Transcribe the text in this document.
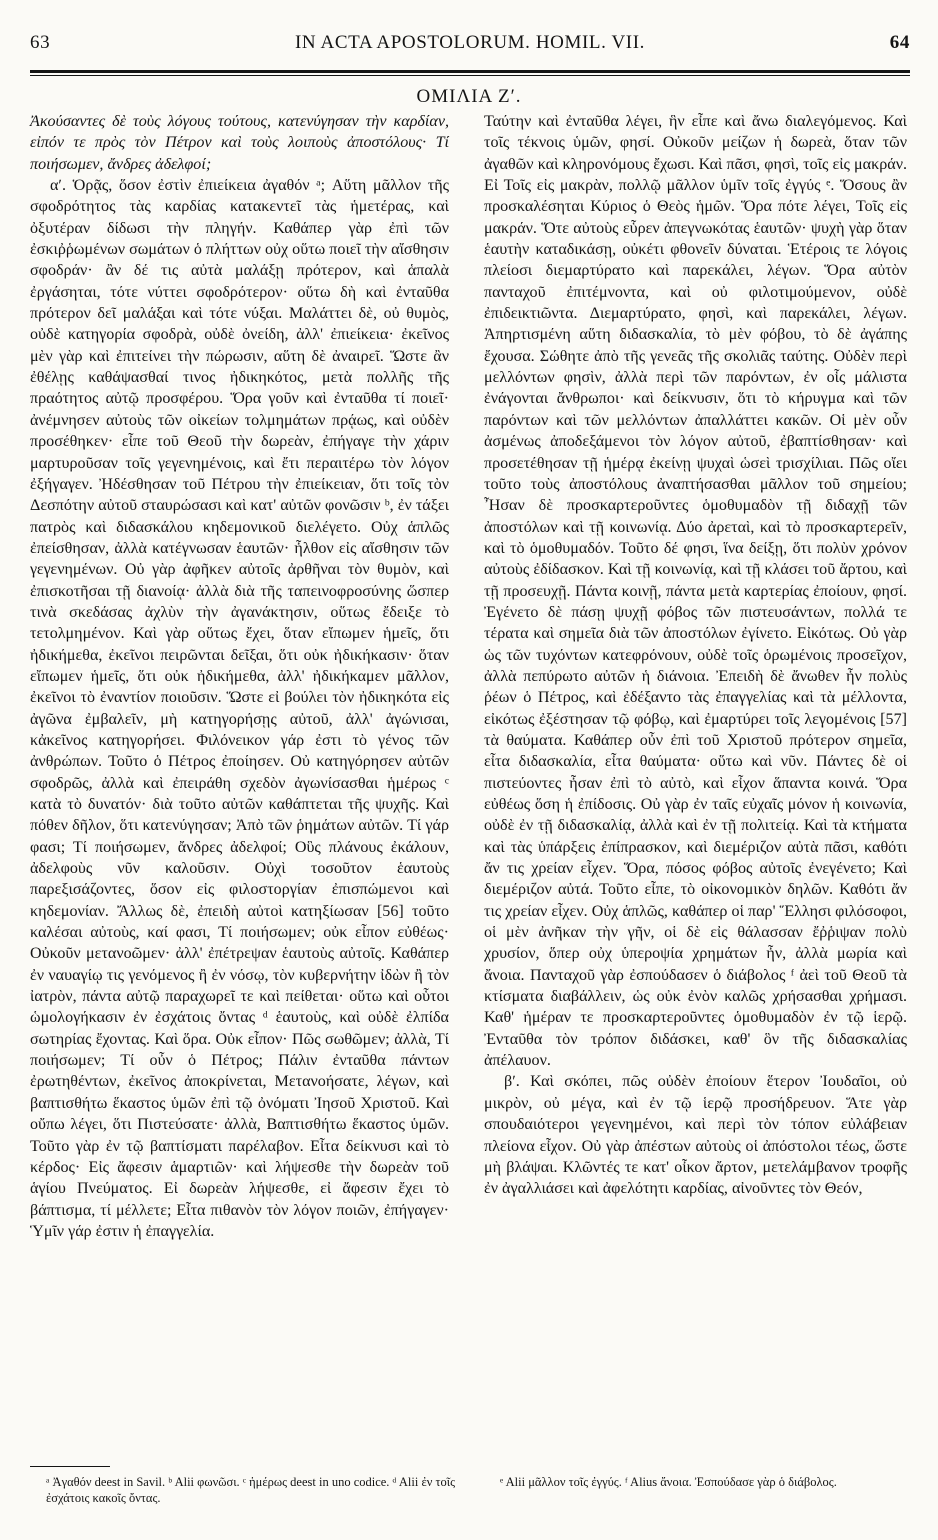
63	IN ACTA APOSTOLORUM. HOMIL. VII.	64
ΟΜΙΛΙΑ Ζʹ.

Ἀκούσαντες δὲ τοὺς λόγους τούτους, κατενύγησαν τὴν καρδίαν, εἰπόν τε πρὸς τὸν Πέτρον καὶ τοὺς λοιποὺς ἀποστόλους· Τί ποιήσωμεν, ἄνδρες ἀδελφοί;

αʹ. Ὁρᾷς, ὅσον ἐστὶν ἐπιείκεια ἀγαθόν ᵃ; Αὕτη μᾶλλον τῆς σφοδρότητος τὰς καρδίας κατακεντεῖ τὰς ἡμετέρας, καὶ ὀξυτέραν δίδωσι τὴν πληγήν. Καθάπερ γὰρ ἐπὶ τῶν ἐσκιῤῥωμένων σωμάτων ὁ πλήττων οὐχ οὕτω ποιεῖ τὴν αἴσθησιν σφοδράν· ἂν δέ τις αὐτὰ μαλάξῃ πρότερον, καὶ ἁπαλὰ ἐργάσηται, τότε νύττει σφοδρότερον· οὕτω δὴ καὶ ἐνταῦθα πρότερον δεῖ μαλάξαι καὶ τότε νύξαι. Μαλάττει δὲ, οὐ θυμὸς, οὐδὲ κατηγορία σφοδρὰ, οὐδὲ ὀνείδη, ἀλλ' ἐπιείκεια· ἐκεῖνος μὲν γὰρ καὶ ἐπιτείνει τὴν πώρωσιν, αὕτη δὲ ἀναιρεῖ. Ὥστε ἂν ἐθέλῃς καθάψασθαί τινος ἠδικηκότος, μετὰ πολλῆς τῆς πραότητος αὐτῷ προσφέρου. Ὅρα γοῦν καὶ ἐνταῦθα τί ποιεῖ· ἀνέμνησεν αὐτοὺς τῶν οἰκείων τολμημάτων πρᾴως, καὶ οὐδὲν προσέθηκεν· εἶπε τοῦ Θεοῦ τὴν δωρεὰν, ἐπήγαγε τὴν χάριν μαρτυροῦσαν τοῖς γεγενημένοις, καὶ ἔτι περαιτέρω τὸν λόγον ἐξήγαγεν. Ἠδέσθησαν τοῦ Πέτρου τὴν ἐπιείκειαν, ὅτι τοῖς τὸν Δεσπότην αὐτοῦ σταυρώσασι καὶ κατ' αὐτῶν φονῶσιν ᵇ, ἐν τάξει πατρὸς καὶ διδασκάλου κηδεμονικοῦ διελέγετο. Οὐχ ἁπλῶς ἐπείσθησαν, ἀλλὰ κατέγνωσαν ἑαυτῶν· ἦλθον εἰς αἴσθησιν τῶν γεγενημένων. Οὐ γὰρ ἀφῆκεν αὐτοῖς ἀρθῆναι τὸν θυμὸν, καὶ ἐπισκοτῆσαι τῇ διανοίᾳ· ἀλλὰ διὰ τῆς ταπεινοφροσύνης ὥσπερ τινὰ σκεδάσας ἀχλὺν τὴν ἀγανάκτησιν, οὕτως ἔδειξε τὸ τετολμημένον. Καὶ γὰρ οὕτως ἔχει, ὅταν εἴπωμεν ἡμεῖς, ὅτι ἠδικήμεθα, ἐκεῖνοι πειρῶνται δεῖξαι, ὅτι οὐκ ἠδικήκασιν· ὅταν εἴπωμεν ἡμεῖς, ὅτι οὐκ ἠδικήμεθα, ἀλλ' ἠδικήκαμεν μᾶλλον, ἐκεῖνοι τὸ ἐναντίον ποιοῦσιν. Ὥστε εἰ βούλει τὸν ἠδικηκότα εἰς ἀγῶνα ἐμβαλεῖν, μὴ κατηγορήσῃς αὐτοῦ, ἀλλ' ἀγώνισαι, κἀκεῖνος κατηγορήσει. Φιλόνεικον γάρ ἐστι τὸ γένος τῶν ἀνθρώπων. Τοῦτο ὁ Πέτρος ἐποίησεν. Οὐ κατηγόρησεν αὐτῶν σφοδρῶς, ἀλλὰ καὶ ἐπειράθη σχεδὸν ἀγωνίσασθαι ἡμέρως ᶜ κατὰ τὸ δυνατόν· διὰ τοῦτο αὐτῶν καθάπτεται τῆς ψυχῆς. Καὶ πόθεν δῆλον, ὅτι κατενύγησαν; Ἀπὸ τῶν ῥημάτων αὐτῶν. Τί γάρ φασι; Τί ποιήσωμεν, ἄνδρες ἀδελφοί; Οὓς πλάνους ἐκάλουν, ἀδελφοὺς νῦν καλοῦσιν. Οὐχὶ τοσοῦτον ἑαυτοὺς παρεξισάζοντες, ὅσον εἰς φιλοστοργίαν ἐπισπώμενοι καὶ κηδεμονίαν. Ἄλλως δὲ, ἐπειδὴ αὐτοὶ κατηξίωσαν [56] τοῦτο καλέσαι αὐτοὺς, καί φασι, Τί ποιήσωμεν; οὐκ εἶπον εὐθέως· Οὐκοῦν μετανοῶμεν· ἀλλ' ἐπέτρεψαν ἑαυτοὺς αὐτοῖς. Καθάπερ ἐν ναυαγίῳ τις γενόμενος ἢ ἐν νόσῳ, τὸν κυβερνήτην ἰδὼν ἢ τὸν ἰατρὸν, πάντα αὐτῷ παραχωρεῖ τε καὶ πείθεται· οὕτω καὶ οὗτοι ὡμολογήκασιν ἐν ἐσχάτοις ὄντας ᵈ ἑαυτοὺς, καὶ οὐδὲ ἐλπίδα σωτηρίας ἔχοντας. Καὶ ὅρα. Οὐκ εἶπον· Πῶς σωθῶμεν; ἀλλὰ, Τί ποιήσωμεν; Τί οὖν ὁ Πέτρος; Πάλιν ἐνταῦθα πάντων ἐρωτηθέντων, ἐκεῖνος ἀποκρίνεται, Μετανοήσατε, λέγων, καὶ βαπτισθήτω ἕκαστος ὑμῶν ἐπὶ τῷ ὀνόματι Ἰησοῦ Χριστοῦ. Καὶ οὔπω λέγει, ὅτι Πιστεύσατε· ἀλλὰ, Βαπτισθήτω ἕκαστος ὑμῶν. Τοῦτο γὰρ ἐν τῷ βαπτίσματι παρέλαβον. Εἶτα δείκνυσι καὶ τὸ κέρδος· Εἰς ἄφεσιν ἁμαρτιῶν· καὶ λήψεσθε τὴν δωρεὰν τοῦ ἁγίου Πνεύματος. Εἰ δωρεὰν λήψεσθε, εἰ ἄφεσιν ἔχει τὸ βάπτισμα, τί μέλλετε; Εἶτα πιθανὸν τὸν λόγον ποιῶν, ἐπήγαγεν· Ὑμῖν γάρ ἐστιν ἡ ἐπαγγελία.

Ταύτην καὶ ἐνταῦθα λέγει, ἣν εἶπε καὶ ἄνω διαλεγόμενος. Καὶ τοῖς τέκνοις ὑμῶν, φησί. Οὐκοῦν μείζων ἡ δωρεὰ, ὅταν τῶν ἀγαθῶν καὶ κληρονόμους ἔχωσι. Καὶ πᾶσι, φησὶ, τοῖς εἰς μακράν. Εἰ Τοῖς εἰς μακρὰν, πολλῷ μᾶλλον ὑμῖν τοῖς ἐγγύς ᵉ. Ὅσους ἂν προσκαλέσηται Κύριος ὁ Θεὸς ἡμῶν. Ὅρα πότε λέγει, Τοῖς εἰς μακράν. Ὅτε αὐτοὺς εὗρεν ἀπεγνωκότας ἑαυτῶν· ψυχὴ γὰρ ὅταν ἑαυτὴν καταδικάσῃ, οὐκέτι φθονεῖν δύναται. Ἑτέροις τε λόγοις πλείοσι διεμαρτύρατο καὶ παρεκάλει, λέγων. Ὅρα αὐτὸν πανταχοῦ ἐπιτέμνοντα, καὶ οὐ φιλοτιμούμενον, οὐδὲ ἐπιδεικτιῶντα. Διεμαρτύρατο, φησὶ, καὶ παρεκάλει, λέγων. Ἀπηρτισμένη αὕτη διδασκαλία, τὸ μὲν φόβου, τὸ δὲ ἀγάπης ἔχουσα. Σώθητε ἀπὸ τῆς γενεᾶς τῆς σκολιᾶς ταύτης. Οὐδὲν περὶ μελλόντων φησὶν, ἀλλὰ περὶ τῶν παρόντων, ἐν οἷς μάλιστα ἐνάγονται ἄνθρωποι· καὶ δείκνυσιν, ὅτι τὸ κήρυγμα καὶ τῶν παρόντων καὶ τῶν μελλόντων ἀπαλλάττει κακῶν. Οἱ μὲν οὖν ἀσμένως ἀποδεξάμενοι τὸν λόγον αὐτοῦ, ἐβαπτίσθησαν· καὶ προσετέθησαν τῇ ἡμέρᾳ ἐκείνῃ ψυχαὶ ὡσεὶ τρισχίλιαι. Πῶς οἴει τοῦτο τοὺς ἀποστόλους ἀναπτήσασθαι μᾶλλον τοῦ σημείου; Ἦσαν δὲ προσκαρτεροῦντες ὁμοθυμαδὸν τῇ διδαχῇ τῶν ἀποστόλων καὶ τῇ κοινωνίᾳ. Δύο ἀρεταὶ, καὶ τὸ προσκαρτερεῖν, καὶ τὸ ὁμοθυμαδόν. Τοῦτο δέ φησι, ἵνα δείξῃ, ὅτι πολὺν χρόνον αὐτοὺς ἐδίδασκον. Καὶ τῇ κοινωνίᾳ, καὶ τῇ κλάσει τοῦ ἄρτου, καὶ τῇ προσευχῇ. Πάντα κοινῇ, πάντα μετὰ καρτερίας ἐποίουν, φησί. Ἐγένετο δὲ πάσῃ ψυχῇ φόβος τῶν πιστευσάντων, πολλά τε τέρατα καὶ σημεῖα διὰ τῶν ἀποστόλων ἐγίνετο. Εἰκότως. Οὐ γὰρ ὡς τῶν τυχόντων κατεφρόνουν, οὐδὲ τοῖς ὁρωμένοις προσεῖχον, ἀλλὰ πεπύρωτο αὐτῶν ἡ διάνοια. Ἐπειδὴ δὲ ἄνωθεν ἦν πολὺς ῥέων ὁ Πέτρος, καὶ ἐδέξαντο τὰς ἐπαγγελίας καὶ τὰ μέλλοντα, εἰκότως ἐξέστησαν τῷ φόβῳ, καὶ ἐμαρτύρει τοῖς λεγομένοις [57] τὰ θαύματα. Καθάπερ οὖν ἐπὶ τοῦ Χριστοῦ πρότερον σημεῖα, εἶτα διδασκαλία, εἶτα θαύματα· οὕτω καὶ νῦν. Πάντες δὲ οἱ πιστεύοντες ἦσαν ἐπὶ τὸ αὐτὸ, καὶ εἶχον ἅπαντα κοινά. Ὅρα εὐθέως ὅση ἡ ἐπίδοσις. Οὐ γὰρ ἐν ταῖς εὐχαῖς μόνον ἡ κοινωνία, οὐδὲ ἐν τῇ διδασκαλίᾳ, ἀλλὰ καὶ ἐν τῇ πολιτείᾳ. Καὶ τὰ κτήματα καὶ τὰς ὑπάρξεις ἐπίπρασκον, καὶ διεμέριζον αὐτὰ πᾶσι, καθότι ἄν τις χρείαν εἶχεν. Ὅρα, πόσος φόβος αὐτοῖς ἐνεγένετο; Καὶ διεμέριζον αὐτά. Τοῦτο εἶπε, τὸ οἰκονομικὸν δηλῶν. Καθότι ἄν τις χρείαν εἶχεν. Οὐχ ἁπλῶς, καθάπερ οἱ παρ' Ἕλλησι φιλόσοφοι, οἱ μὲν ἀνῆκαν τὴν γῆν, οἱ δὲ εἰς θάλασσαν ἔῤῥιψαν πολὺ χρυσίον, ὅπερ οὐχ ὑπεροψία χρημάτων ἦν, ἀλλὰ μωρία καὶ ἄνοια. Πανταχοῦ γὰρ ἐσπούδασεν ὁ διάβολος ᶠ ἀεὶ τοῦ Θεοῦ τὰ κτίσματα διαβάλλειν, ὡς οὐκ ἐνὸν καλῶς χρήσασθαι χρήμασι. Καθ' ἡμέραν τε προσκαρτεροῦντες ὁμοθυμαδὸν ἐν τῷ ἱερῷ. Ἐνταῦθα τὸν τρόπον διδάσκει, καθ' ὃν τῆς διδασκαλίας ἀπέλαυον.

βʹ. Καὶ σκόπει, πῶς οὐδὲν ἐποίουν ἕτερον Ἰουδαῖοι, οὐ μικρὸν, οὐ μέγα, καὶ ἐν τῷ ἱερῷ προσήδρευον. Ἅτε γὰρ σπουδαιότεροι γεγενημένοι, καὶ περὶ τὸν τόπον εὐλάβειαν πλείονα εἶχον. Οὐ γὰρ ἀπέστων αὐτοὺς οἱ ἀπόστολοι τέως, ὥστε μὴ βλάψαι. Κλῶντές τε κατ' οἶκον ἄρτον, μετελάμβανον τροφῆς ἐν ἀγαλλιάσει καὶ ἀφελότητι καρδίας, αἰνοῦντες τὸν Θεόν,

ᵃ Ἀγαθόν deest in Savil. ᵇ Alii φωνῶσι. ᶜ ἡμέρως deest in uno codice. ᵈ Alii ἐν τοῖς ἐσχάτοις κακοῖς ὄντας.
ᵉ Alii μᾶλλον τοῖς ἐγγύς. ᶠ Alius ἄνοια. Ἐσπούδασε γὰρ ὁ διάβολος.
